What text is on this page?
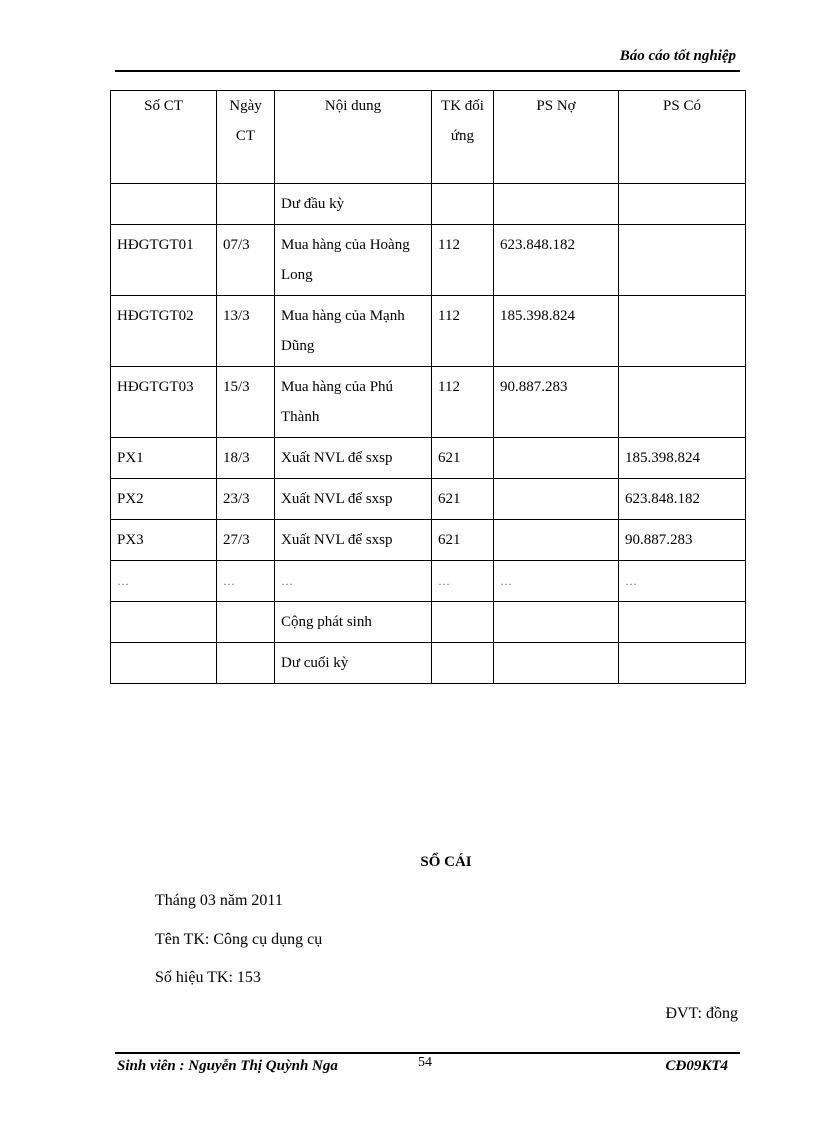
Báo cáo tốt nghiệp
Số CT	Ngày CT	Nội dung	TK đối ứng	PS Nợ	PS Có
		Dư đầu kỳ			
HĐGTGT01	07/3	Mua hàng của Hoàng Long	112	623.848.182	
HĐGTGT02	13/3	Mua hàng của Mạnh Dũng	112	185.398.824	
HĐGTGT03	15/3	Mua hàng của Phú Thành	112	90.887.283	
PX1	18/3	Xuất NVL để sxsp	621		185.398.824
PX2	23/3	Xuất NVL để sxsp	621		623.848.182
PX3	27/3	Xuất NVL để sxsp	621		90.887.283
…	…	…	…	…	…
		Cộng phát sinh			
		Dư cuối kỳ			
SỔ CÁI
Tháng 03 năm 2011
Tên TK: Công cụ dụng cụ
Số hiệu TK: 153
ĐVT: đồng
Sinh viên : Nguyễn Thị Quỳnh Nga	54	CĐ09KT4
